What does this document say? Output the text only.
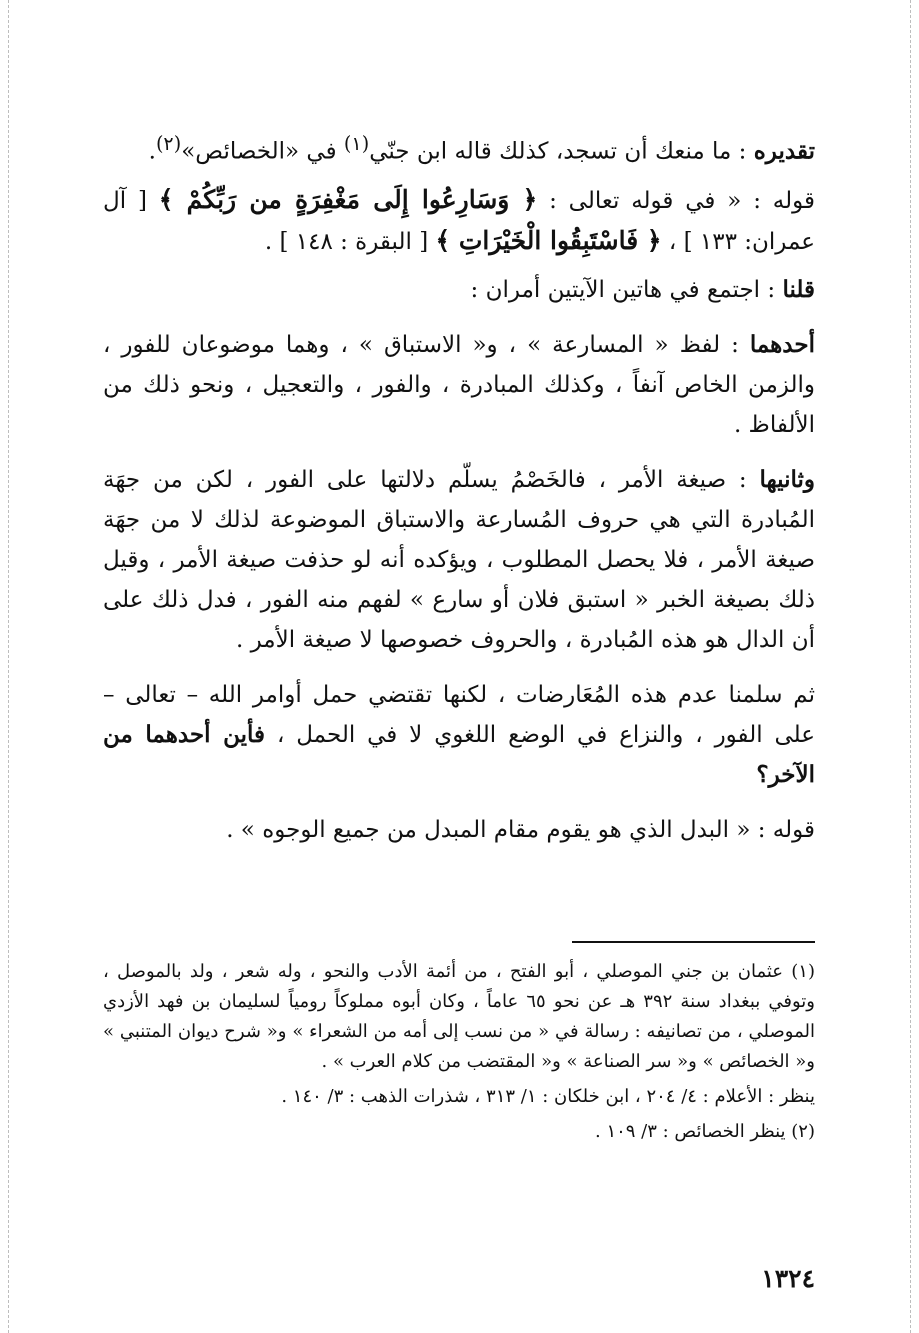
تقديره : ما منعك أن تسجد، كذلك قاله ابن جنّي$^{(١)}$ في «الخصائص»$^{(٢)}$.

قوله : « في قوله تعالى : ﴿ وَسَارِعُوا إِلَى مَغْفِرَةٍ من رَبِّكُمْ ﴾ [ آل عمران: ١٣٣ ] ، ﴿ فَاسْتَبِقُوا الْخَيْرَاتِ ﴾ [ البقرة : ١٤٨ ] .

قلنا : اجتمع في هاتين الآيتين أمران :

أحدهما : لفظ « المسارعة » ، و« الاستباق » ، وهما موضوعان للفور ، والزمن الخاص آنفاً ، وكذلك المبادرة ، والفور ، والتعجيل ، ونحو ذلك من الألفاظ .

وثانيها : صيغة الأمر ، فالخَصْمُ يسلّم دلالتها على الفور ، لكن من جهَة المُبادرة التي هي حروف المُسارعة والاستباق الموضوعة لذلك لا من جهَة صيغة الأمر ، فلا يحصل المطلوب ، ويؤكده أنه لو حذفت صيغة الأمر ، وقيل ذلك بصيغة الخبر « استبق فلان أو سارع » لفهم منه الفور ، فدل ذلك على أن الدال هو هذه المُبادرة ، والحروف خصوصها لا صيغة الأمر .

ثم سلمنا عدم هذه المُعَارضات ، لكنها تقتضي حمل أوامر الله – تعالى – على الفور ، والنزاع في الوضع اللغوي لا في الحمل ، فأين أحدهما من الآخر؟

قوله : « البدل الذي هو يقوم مقام المبدل من جميع الوجوه » .

(١) عثمان بن جني الموصلي ، أبو الفتح ، من أئمة الأدب والنحو ، وله شعر ، ولد بالموصل ، وتوفي ببغداد سنة ٣٩٢ هـ عن نحو ٦٥ عاماً ، وكان أبوه مملوكاً رومياً لسليمان بن فهد الأزدي الموصلي ، من تصانيفه : رسالة في « من نسب إلى أمه من الشعراء » و« شرح ديوان المتنبي » و« الخصائص » و« سر الصناعة » و« المقتضب من كلام العرب » .

ينظر : الأعلام : ٤/ ٢٠٤ ، ابن خلكان : ١/ ٣١٣ ، شذرات الذهب : ٣/ ١٤٠ .

(٢) ينظر الخصائص : ٣/ ١٠٩ .

١٣٢٤
